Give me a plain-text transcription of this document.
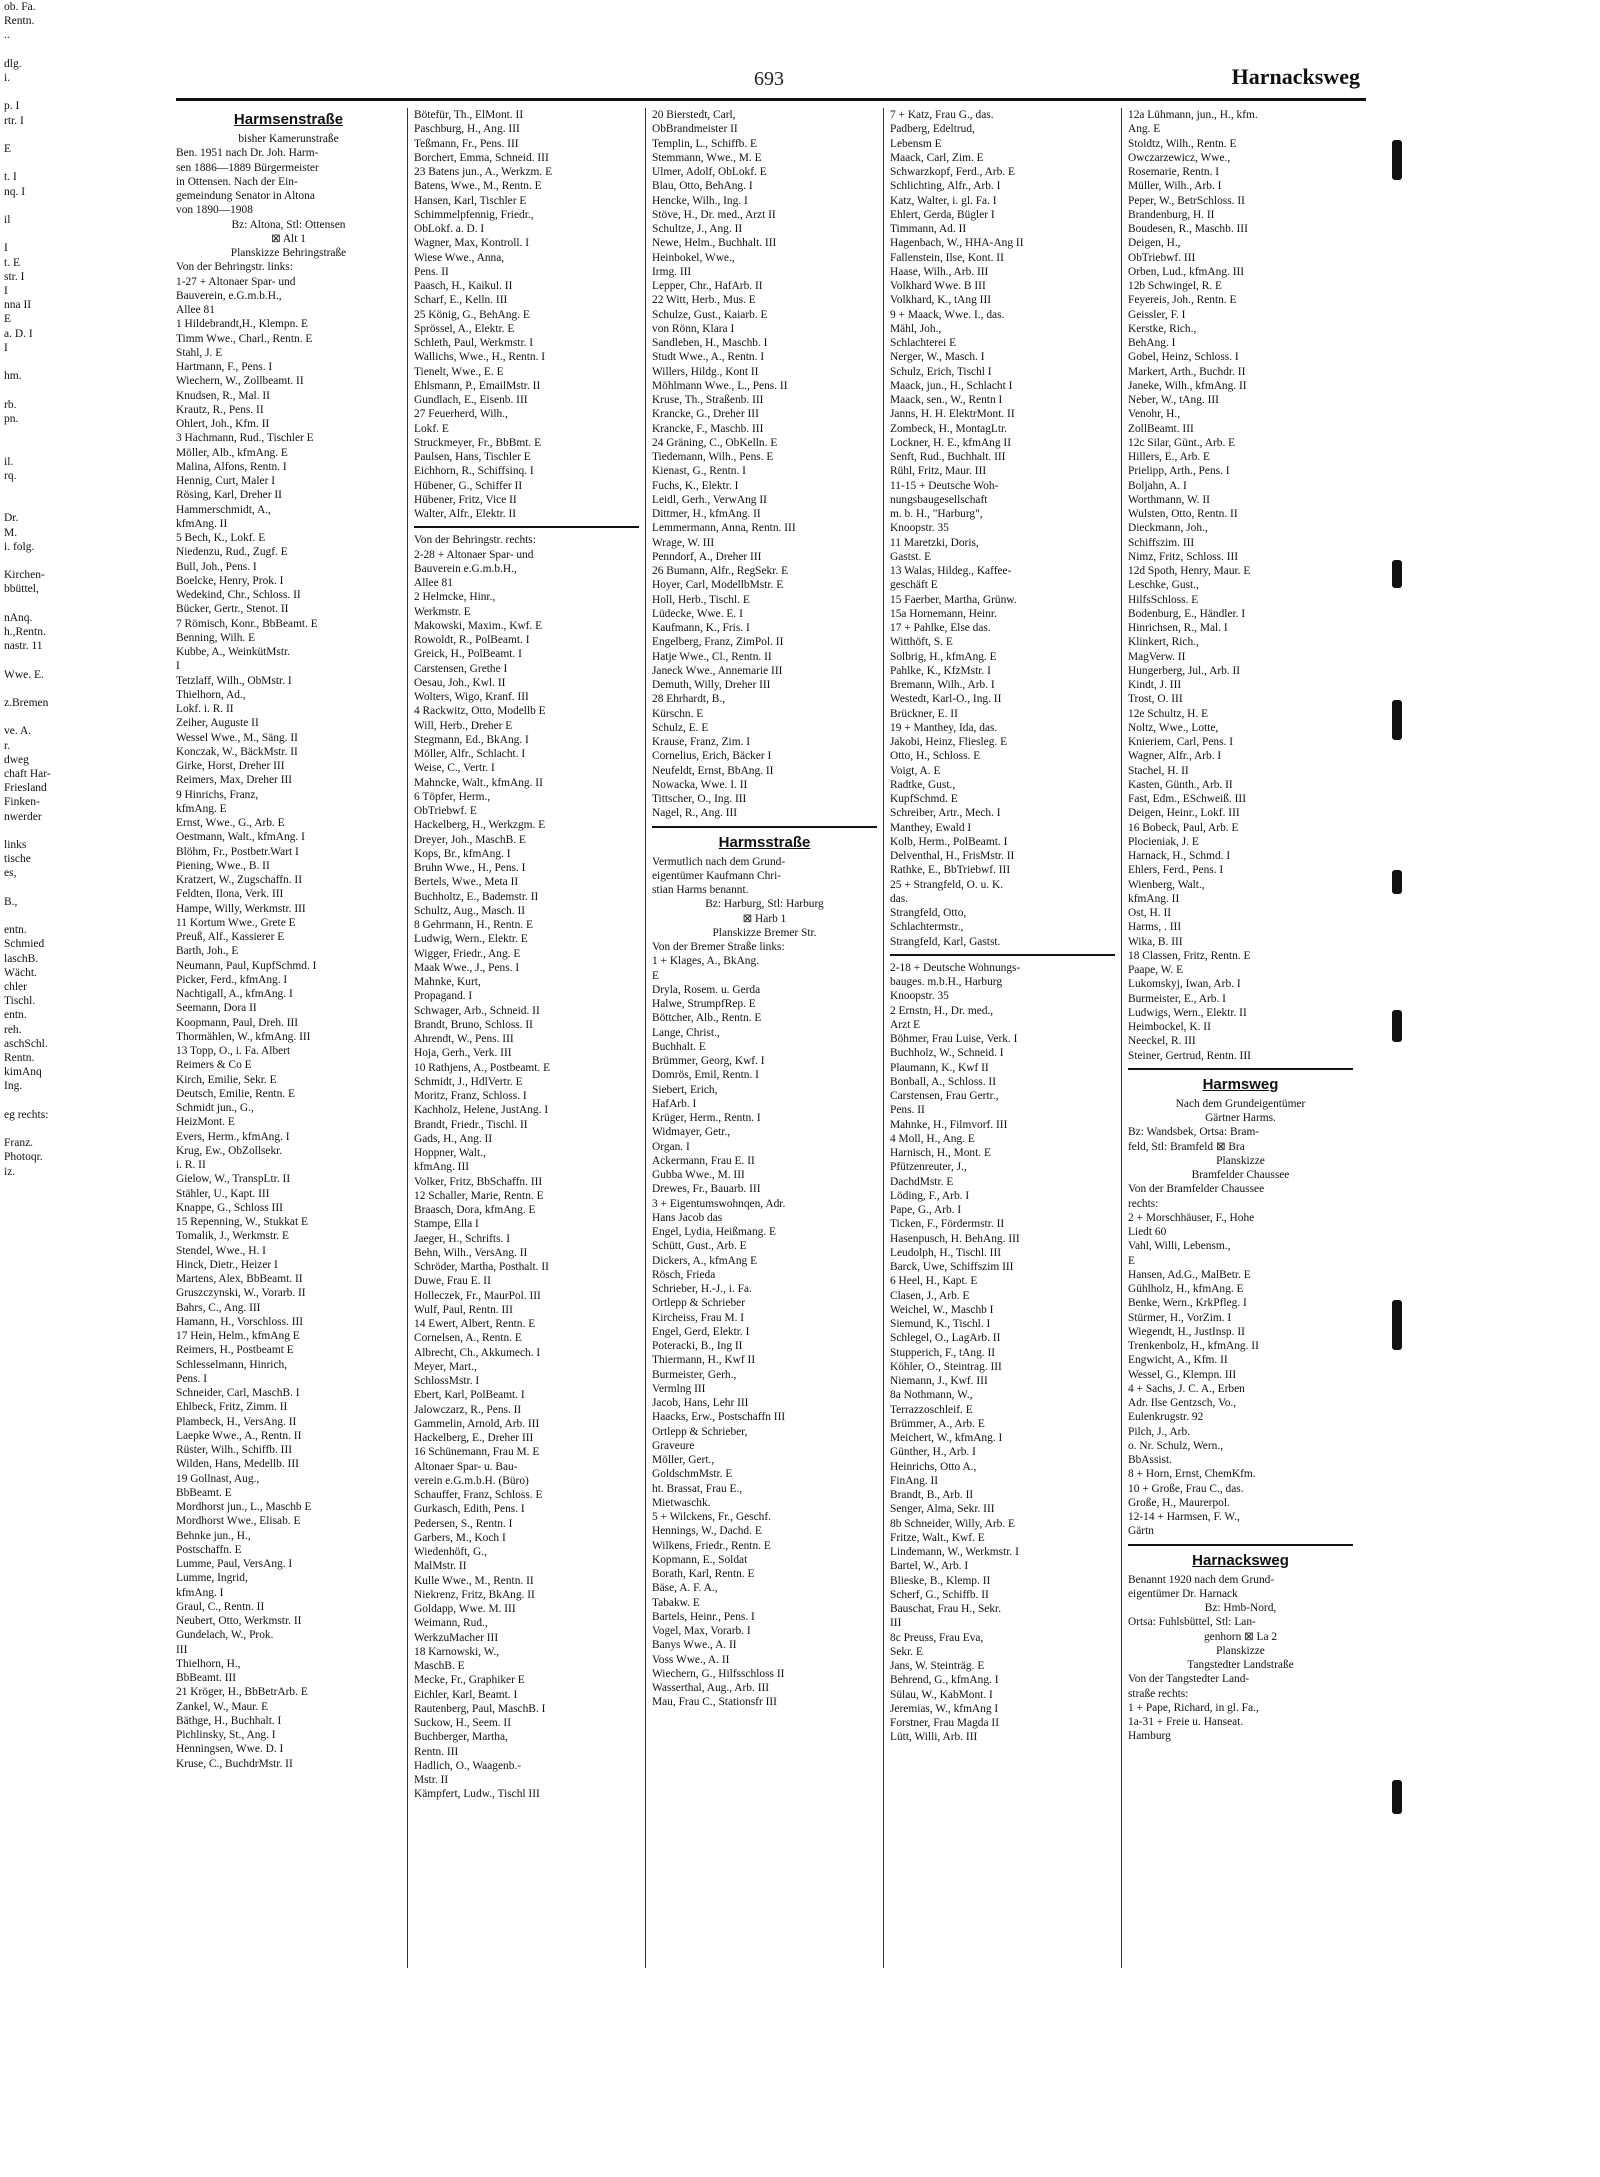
ob. Fa.
Rentn.
..

dlg.
i.

p. I
rtr. I

E

t. I
nq. I

il

I
t. E
str. I
I
nna II
E
a. D. I
I

hm.

rb.
pn.

il.
rq.

Dr.
M.
i. folg.

Kirchen-
bbüttel,

nAnq.
h.,Rentn.
nastr. 11

Wwe. E.

z.Bremen

ve. A.
r.
dweg
chaft Har-
Friesland
Finken-
nwerder

links
tische
es,

B.,

entn.
Schmied
laschB.
Wächt.
chler
Tischl.
entn.
reh.
aschSchl.
Rentn.
kimAnq
Ing.

eg rechts:

Franz.
Photoqr.
iz.
693	Harnacksweg
Harmsenstraße
bisher Kamerunstraße
Ben. 1951 nach Dr. Joh. Harm-
sen 1886—1889 Bürgermeister
in Ottensen. Nach der Ein-
gemeindung Senator in Altona
von 1890—1908
Bz: Altona, Stl: Ottensen
⊠ Alt 1
Planskizze Behringstraße
Von der Behringstr. links:
1-27 + Altonaer Spar- und
Bauverein, e.G.m.b.H.,
Allee 81
1 Hildebrandt,H., Klempn. E
Timm Wwe., Charl., Rentn. E
Stahl, J. E
Hartmann, F., Pens. I
Wiechern, W., Zollbeamt. II
Knudsen, R., Mal. II
Krautz, R., Pens. II
Ohlert, Joh., Kfm. II
3 Hachmann, Rud., Tischler E
Möller, Alb., kfmAng. E
Malina, Alfons, Rentn. I
Hennig, Curt, Maler I
Rösing, Karl, Dreher II
Hammerschmidt, A.,
kfmAng. II
5 Bech, K., Lokf. E
Niedenzu, Rud., Zugf. E
Bull, Joh., Pens. I
Boelcke, Henry, Prok. I
Wedekind, Chr., Schloss. II
Bücker, Gertr., Stenot. II
7 Römisch, Konr., BbBeamt. E
Benning, Wilh. E
Kubbe, A., WeinkütMstr.
I
Tetzlaff, Wilh., ObMstr. I
Thielhorn, Ad.,
Lokf. i. R. II
Zeiher, Auguste II
Wessel Wwe., M., Säng. II
Konczak, W., BäckMstr. II
Girke, Horst, Dreher III
Reimers, Max, Dreher III
9 Hinrichs, Franz,
kfmAng. E
Ernst, Wwe., G., Arb. E
Oestmann, Walt., kfmAng. I
Blöhm, Fr., Postbetr.Wart I
Piening, Wwe., B. II
Kratzert, W., Zugschaffn. II
Feldten, Ilona, Verk. III
Hampe, Willy, Werkmstr. III
11 Kortum Wwe., Grete E
Preuß, Alf., Kassierer E
Barth, Joh., E
Neumann, Paul, KupfSchmd. I
Picker, Ferd., kfmAng. I
Nachtigall, A., kfmAng. I
Seemann, Dora II
Koopmann, Paul, Dreh. III
Thormählen, W., kfmAng. III
13 Topp, O., i. Fa. Albert
Reimers & Co E
Kirch, Emilie, Sekr. E
Deutsch, Emilie, Rentn. E
Schmidt jun., G.,
HeizMont. E
Evers, Herm., kfmAng. I
Krug, Ew., ObZollsekr.
i. R. II
Gielow, W., TranspLtr. II
Stähler, U., Kapt. III
Knappe, G., Schloss III
15 Repenning, W., Stukkat E
Tomalik, J., Werkmstr. E
Stendel, Wwe., H. I
Hinck, Dietr., Heizer I
Martens, Alex, BbBeamt. II
Gruszczynski, W., Vorarb. II
Bahrs, C., Ang. III
Hamann, H., Vorschloss. III
17 Hein, Helm., kfmAng E
Reimers, H., Postbeamt E
Schlesselmann, Hinrich,
Pens. I
Schneider, Carl, MaschB. I
Ehlbeck, Fritz, Zimm. II
Plambeck, H., VersAng. II
Laepke Wwe., A., Rentn. II
Rüster, Wilh., Schiffb. III
Wilden, Hans, Medellb. III
19 Gollnast, Aug.,
BbBeamt. E
Mordhorst jun., L., Maschb E
Mordhorst Wwe., Elisab. E
Behnke jun., H.,
Postschaffn. E
Lumme, Paul, VersAng. I
Lumme, Ingrid,
kfmAng. I
Graul, C., Rentn. II
Neubert, Otto, Werkmstr. II
Gundelach, W., Prok.
III
Thielhorn, H.,
BbBeamt. III
21 Kröger, H., BbBetrArb. E
Zankel, W., Maur. E
Bäthge, H., Buchhalt. I
Pichlinsky, St., Ang. I
Henningsen, Wwe. D. I
Kruse, C., BuchdrMstr. II
Bötefür, Th., ElMont. II
Paschburg, H., Ang. III
Teßmann, Fr., Pens. III
Borchert, Emma, Schneid. III
23 Batens jun., A., Werkzm. E
Batens, Wwe., M., Rentn. E
Hansen, Karl, Tischler E
Schimmelpfennig, Friedr.,
ObLokf. a. D. I
Wagner, Max, Kontroll. I
Wiese Wwe., Anna,
Pens. II
Paasch, H., Kaikul. II
Scharf, E., Kelln. III
25 König, G., BehAng. E
Sprössel, A., Elektr. E
Schleth, Paul, Werkmstr. I
Wallichs, Wwe., H., Rentn. I
Tienelt, Wwe., E. E
Ehlsmann, P., EmailMstr. II
Gundlach, E., Eisenb. III
27 Feuerherd, Wilh.,
Lokf. E
Struckmeyer, Fr., BbBmt. E
Paulsen, Hans, Tischler E
Eichhorn, R., Schiffsinq. I
Hübener, G., Schiffer II
Hübener, Fritz, Vice II
Walter, Alfr., Elektr. II
Von der Behringstr. rechts:
2-28 + Altonaer Spar- und
Bauverein e.G.m.b.H.,
Allee 81
2 Helmcke, Hinr.,
Werkmstr. E
Makowski, Maxim., Kwf. E
Rowoldt, R., PolBeamt. I
Greick, H., PolBeamt. I
Carstensen, Grethe I
Oesau, Joh., Kwl. II
Wolters, Wigo, Kranf. III
4 Rackwitz, Otto, Modellb E
Will, Herb., Dreher E
Stegmann, Ed., BkAng. I
Möller, Alfr., Schlacht. I
Weise, C., Vertr. I
Mahncke, Walt., kfmAng. II
6 Töpfer, Herm.,
ObTriebwf. E
Hackelberg, H., Werkzgm. E
Dreyer, Joh., MaschB. E
Kops, Br., kfmAng. I
Bruhn Wwe., H., Pens. I
Bertels, Wwe., Meta II
Buchholtz, E., Bademstr. II
Schultz, Aug., Masch. II
8 Gehrmann, H., Rentn. E
Ludwig, Wern., Elektr. E
Wigger, Friedr., Ang. E
Maak Wwe., J., Pens. I
Mahnke, Kurt,
Propagand. I
Schwager, Arb., Schneid. II
Brandt, Bruno, Schloss. II
Ahrendt, W., Pens. III
Hoja, Gerh., Verk. III
10 Rathjens, A., Postbeamt. E
Schmidt, J., HdlVertr. E
Moritz, Franz, Schloss. I
Kachholz, Helene, JustAng. I
Brandt, Friedr., Tischl. II
Gads, H., Ang. II
Hoppner, Walt.,
kfmAng. III
Volker, Fritz, BbSchaffn. III
12 Schaller, Marie, Rentn. E
Braasch, Dora, kfmAng. E
Stampe, Ella I
Jaeger, H., Schrifts. I
Behn, Wilh., VersAng. II
Schröder, Martha, Posthalt. II
Duwe, Frau E. II
Holleczek, Fr., MaurPol. III
Wulf, Paul, Rentn. III
14 Ewert, Albert, Rentn. E
Cornelsen, A., Rentn. E
Albrecht, Ch., Akkumech. I
Meyer, Mart.,
SchlossMstr. I
Ebert, Karl, PolBeamt. I
Jalowczarz, R., Pens. II
Gammelin, Arnold, Arb. III
Hackelberg, E., Dreher III
16 Schünemann, Frau M. E
Altonaer Spar- u. Bau-
verein e.G.m.b.H. (Büro)
Schauffer, Franz, Schloss. E
Gurkasch, Edith, Pens. I
Pedersen, S., Rentn. I
Garbers, M., Koch I
Wiedenhöft, G.,
MalMstr. II
Kulle Wwe., M., Rentn. II
Niekrenz, Fritz, BkAng. II
Goldapp, Wwe. M. III
Weimann, Rud.,
WerkzuMacher III
18 Karnowski, W.,
MaschB. E
Mecke, Fr., Graphiker E
Eichler, Karl, Beamt. I
Rautenberg, Paul, MaschB. I
Suckow, H., Seem. II
Buchberger, Martha,
Rentn. III
Hadlich, O., Waagenb.-
Mstr. II
Kämpfert, Ludw., Tischl III
20 Bierstedt, Carl,
ObBrandmeister II
Templin, L., Schiffb. E
Stemmann, Wwe., M. E
Ulmer, Adolf, ObLokf. E
Blau, Otto, BehAng. I
Hencke, Wilh., Ing. I
Stöve, H., Dr. med., Arzt II
Schultze, J., Ang. II
Newe, Helm., Buchhalt. III
Heinbokel, Wwe.,
Irmg. III
Lepper, Chr., HafArb. II
22 Witt, Herb., Mus. E
Schulze, Gust., Kaiarb. E
von Rönn, Klara I
Sandleben, H., Maschb. I
Studt Wwe., A., Rentn. I
Willers, Hildg., Kont II
Möhlmann Wwe., L., Pens. II
Kruse, Th., Straßenb. III
Krancke, G., Dreher III
Krancke, F., Maschb. III
24 Gräning, C., ObKelln. E
Tiedemann, Wilh., Pens. E
Kienast, G., Rentn. I
Fuchs, K., Elektr. I
Leidl, Gerh., VerwAng II
Dittmer, H., kfmAng. II
Lemmermann, Anna, Rentn. III
Wrage, W. III
Penndorf, A., Dreher III
26 Bumann, Alfr., RegSekr. E
Hoyer, Carl, ModellbMstr. E
Holl, Herb., Tischl. E
Lüdecke, Wwe. E. I
Kaufmann, K., Fris. I
Engelberg, Franz, ZimPol. II
Hatje Wwe., Cl., Rentn. II
Janeck Wwe., Annemarie III
Demuth, Willy, Dreher III
28 Ehrhardt, B.,
Kürschn. E
Schulz, E. E
Krause, Franz, Zim. I
Cornelius, Erich, Bäcker I
Neufeldt, Ernst, BbAng. II
Nowacka, Wwe. I. II
Tittscher, O., Ing. III
Nagel, R., Ang. III
Harmsstraße
Vermutlich nach dem Grund-
eigentümer Kaufmann Chri-
stian Harms benannt.
Bz: Harburg, Stl: Harburg
⊠ Harb 1
Planskizze Bremer Str.
Von der Bremer Straße links:
1 + Klages, A., BkAng.
E
Dryla, Rosem. u. Gerda
Halwe, StrumpfRep. E
Böttcher, Alb., Rentn. E
Lange, Christ.,
Buchhalt. E
Brümmer, Georg, Kwf. I
Domrös, Emil, Rentn. I
Siebert, Erich,
HafArb. I
Krüger, Herm., Rentn. I
Widmayer, Getr.,
Organ. I
Ackermann, Frau E. II
Gubba Wwe., M. III
Drewes, Fr., Bauarb. III
3 + Eigentumswohnqen, Adr.
Hans Jacob das
Engel, Lydia, Heißmang. E
Schütt, Gust., Arb. E
Dickers, A., kfmAng E
Rösch, Frieda
Schrieber, H.-J., i. Fa.
Ortlepp & Schrieber
Kircheiss, Frau M. I
Engel, Gerd, Elektr. I
Poteracki, B., Ing II
Thiermann, H., Kwf II
Burmeister, Gerh.,
Vermlng III
Jacob, Hans, Lehr III
Haacks, Erw., Postschaffn III
Ortlepp & Schrieber,
Graveure
Möller, Gert.,
GoldschmMstr. E
ht. Brassat, Frau E.,
Mietwaschk.
5 + Wilckens, Fr., Geschf.
Hennings, W., Dachd. E
Wilkens, Friedr., Rentn. E
Kopmann, E., Soldat
Borath, Karl, Rentn. E
Bäse, A. F. A.,
Tabakw. E
Bartels, Heinr., Pens. I
Vogel, Max, Vorarb. I
Banys Wwe., A. II
Voss Wwe., A. II
Wiechern, G., Hilfsschloss II
Wasserthal, Aug., Arb. III
Mau, Frau C., Stationsfr III
7 + Katz, Frau G., das.
Padberg, Edeltrud,
Lebensm E
Maack, Carl, Zim. E
Schwarzkopf, Ferd., Arb. E
Schlichting, Alfr., Arb. I
Katz, Walter, i. gl. Fa. I
Ehlert, Gerda, Bügler I
Timmann, Ad. II
Hagenbach, W., HHA-Ang II
Fallenstein, Ilse, Kont. II
Haase, Wilh., Arb. III
Volkhard Wwe. B III
Volkhard, K., tAng III
9 + Maack, Wwe. I., das.
Mähl, Joh.,
Schlachterei E
Nerger, W., Masch. I
Schulz, Erich, Tischl I
Maack, jun., H., Schlacht I
Maack, sen., W., Rentn I
Janns, H. H. ElektrMont. II
Zombeck, H., MontagLtr.
Lockner, H. E., kfmAng II
Senft, Rud., Buchhalt. III
Rühl, Fritz, Maur. III
11-15 + Deutsche Woh-
nungsbaugesellschaft
m. b. H., "Harburg",
Knoopstr. 35
11 Maretzki, Doris,
Gastst. E
13 Walas, Hildeg., Kaffee-
geschäft E
15 Faerber, Martha, Grünw.
15a Hornemann, Heinr.
17 + Pahlke, Else das.
Witthöft, S. E
Solbrig, H., kfmAng. E
Pahlke, K., KfzMstr. I
Bremann, Wilh., Arb. I
Westedt, Karl-O., Ing. II
Brückner, E. II
19 + Manthey, Ida, das.
Jakobi, Heinz, Fliesleg. E
Otto, H., Schloss. E
Voigt, A. E
Radtke, Gust.,
KupfSchmd. E
Schreiber, Artr., Mech. I
Manthey, Ewald I
Kolb, Herm., PolBeamt. I
Delventhal, H., FrisMstr. II
Rathke, E., BbTriebwf. III
25 + Strangfeld, O. u. K.
das.
Strangfeld, Otto,
Schlachtermstr.,
Strangfeld, Karl, Gastst.
2-18 + Deutsche Wohnungs-
bauges. m.b.H., Harburg
Knoopstr. 35
2 Ernstn, H., Dr. med.,
Arzt E
Böhmer, Frau Luise, Verk. I
Buchholz, W., Schneid. I
Plaumann, K., Kwf II
Bonball, A., Schloss. II
Carstensen, Frau Gertr.,
Pens. II
Mahnke, H., Filmvorf. III
4 Moll, H., Ang. E
Harnisch, H., Mont. E
Pfützenreuter, J.,
DachdMstr. E
Löding, F., Arb. I
Pape, G., Arb. I
Ticken, F., Fördermstr. II
Hasenpusch, H. BehAng. III
Leudolph, H., Tischl. III
Barck, Uwe, Schiffszim III
6 Heel, H., Kapt. E
Clasen, J., Arb. E
Weichel, W., Maschb I
Siemund, K., Tischl. I
Schlegel, O., LagArb. II
Stupperich, F., tAng. II
Köhler, O., Steintrag. III
Niemann, J., Kwf. III
8a Nothmann, W.,
Terrazzoschleif. E
Brümmer, A., Arb. E
Meichert, W., kfmAng. I
Günther, H., Arb. I
Heinrichs, Otto A.,
FinAng. II
Brandt, B., Arb. II
Senger, Alma, Sekr. III
8b Schneider, Willy, Arb. E
Fritze, Walt., Kwf. E
Lindemann, W., Werkmstr. I
Bartel, W., Arb. I
Blieske, B., Klemp. II
Scherf, G., Schiffb. II
Bauschat, Frau H., Sekr.
III
8c Preuss, Frau Eva,
Sekr. E
Jans, W. Steinträg. E
Behrend, G., kfmAng. I
Sülau, W., KabMont. I
Jeremias, W., kfmAng I
Forstner, Frau Magda II
Lütt, Willi, Arb. III
12a Lühmann, jun., H., kfm.
Ang. E
Stoldtz, Wilh., Rentn. E
Owczarzewicz, Wwe.,
Rosemarie, Rentn. I
Müller, Wilh., Arb. I
Peper, W., BetrSchloss. II
Brandenburg, H. II
Boudesen, R., Maschb. III
Deigen, H.,
ObTriebwf. III
Orben, Lud., kfmAng. III
12b Schwingel, R. E
Feyereis, Joh., Rentn. E
Geissler, F. I
Kerstke, Rich.,
BehAng. I
Gobel, Heinz, Schloss. I
Markert, Arth., Buchdr. II
Janeke, Wilh., kfmAng. II
Neber, W., tAng. III
Venohr, H.,
ZollBeamt. III
12c Silar, Günt., Arb. E
Hillers, E., Arb. E
Prielipp, Arth., Pens. I
Boljahn, A. I
Worthmann, W. II
Wulsten, Otto, Rentn. II
Dieckmann, Joh.,
Schiffszim. III
Nimz, Fritz, Schloss. III
12d Spoth, Henry, Maur. E
Leschke, Gust.,
HilfsSchloss. E
Bodenburg, E., Händler. I
Hinrichsen, R., Mal. I
Klinkert, Rich.,
MagVerw. II
Hungerberg, Jul., Arb. II
Kindt, J. III
Trost, O. III
12e Schultz, H. E
Noltz, Wwe., Lotte,
Knieriem, Carl, Pens. I
Wagner, Alfr., Arb. I
Stachel, H. II
Kasten, Günth., Arb. II
Fast, Edm., ESchweiß. III
Deigen, Heinr., Lokf. III
16 Bobeck, Paul, Arb. E
Plocieniak, J. E
Harnack, H., Schmd. I
Ehlers, Ferd., Pens. I
Wienberg, Walt.,
kfmAng. II
Ost, H. II
Harms, . III
Wika, B. III
18 Classen, Fritz, Rentn. E
Paape, W. E
Lukomskyj, Iwan, Arb. I
Burmeister, E., Arb. I
Ludwigs, Wern., Elektr. II
Heimbockel, K. II
Neeckel, R. III
Steiner, Gertrud, Rentn. III
Harmsweg
Nach dem Grundeigentümer
Gärtner Harms.
Bz: Wandsbek, Ortsa: Bram-
feld, Stl: Bramfeld ⊠ Bra
Planskizze
Bramfelder Chaussee
Von der Bramfelder Chaussee
rechts:
2 + Morschhäuser, F., Hohe
Liedt 60
Vahl, Willi, Lebensm.,
E
Hansen, Ad.G., MalBetr. E
Gühlholz, H., kfmAng. E
Benke, Wern., KrkPfleg. I
Stürmer, H., VorZim. I
Wiegendt, H., JustInsp. II
Trenkenbolz, H., kfmAng. II
Engwicht, A., Kfm. II
Wessel, G., Klempn. III
4 + Sachs, J. C. A., Erben
Adr. Ilse Gentzsch, Vo.,
Eulenkrugstr. 92
Pilch, J., Arb.
o. Nr. Schulz, Wern.,
BbAssist.
8 + Horn, Ernst, ChemKfm.
10 + Große, Frau C., das.
Große, H., Maurerpol.
12-14 + Harmsen, F. W.,
Gärtn
Harnacksweg
Benannt 1920 nach dem Grund-
eigentümer Dr. Harnack
Bz: Hmb-Nord,
Ortsa: Fuhlsbüttel, Stl: Lan-
genhorn ⊠ La 2
Planskizze
Tangstedter Landstraße
Von der Tangstedter Land-
straße rechts:
1 + Pape, Richard, in gl. Fa.,
1a-31 + Freie u. Hanseat.
Hamburg
